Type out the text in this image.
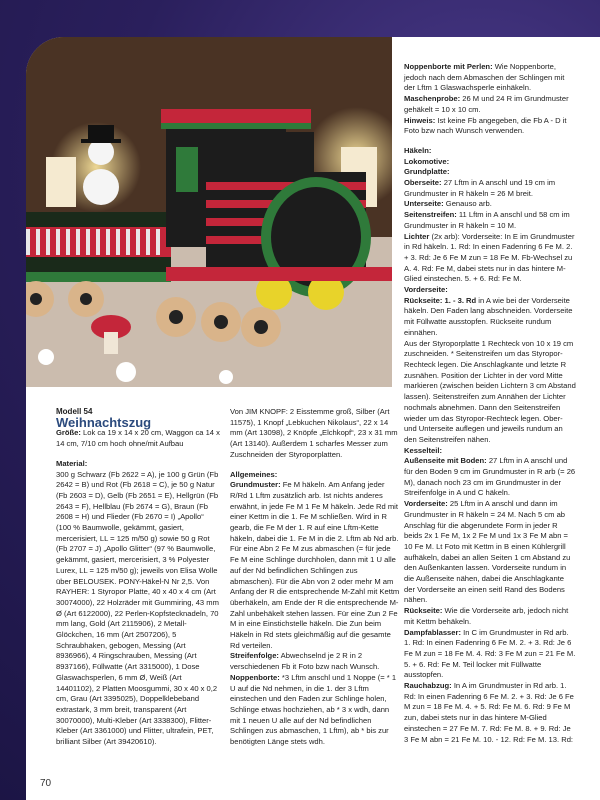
Modell 54

Weihnachtszug

Größe: Lok ca 19 x 14 x 20 cm, Waggon ca 14 x 14 cm, 7/10 cm hoch ohne/mit Aufbau

Material:

300 g Schwarz (Fb 2622 = A), je 100 g Grün (Fb 2642 = B) und Rot (Fb 2618 = C), je 50 g Natur (Fb 2603 = D), Gelb (Fb 2651 = E), Hellgrün (Fb 2643 = F), Hellblau (Fb 2674 = G), Braun (Fb 2608 = H) und Flieder (Fb 2670 = I) „Apollo“ (100 % Baumwolle, gekämmt, gasiert, mercerisiert, LL = 125 m/50 g) sowie 50 g Rot (Fb 2707 = J) „Apollo Glitter“ (97 % Baumwolle, gekämmt, gasiert, mercerisiert, 3 % Polyester Lurex, LL = 125 m/50 g); jeweils von Elisa Wolle über BELOUSEK. PONY-Häkel-N Nr 2,5. Von RAYHER: 1 Styropor Platte, 40 x 40 x 4 cm (Art 30074000), 22 Holzräder mit Gummiring, 43 mm Ø (Art 6122000), 22 Perlen-Kopfstecknadeln, 70 mm lang, Gold (Art 2115906), 2 Metall-Glöckchen, 16 mm (Art 2507206), 5 Schraubhaken, gebogen, Messing (Art 8936966), 4 Ringschrauben, Messing (Art 8937166), Füllwatte (Art 3315000), 1 Dose Glaswachsperlen, 6 mm Ø, Weiß (Art 14401102), 2 Platten Moosgummi, 30 x 40 x 0,2 cm, Grau (Art 3395025), Doppelklebeband extrastark, 3 mm breit, transparent (Art 30070000), Multi-Kleber (Art 3338300), Flitter-Kleber (Art 3361000) und Flitter, ultrafein, PET, brilliant Silber (Art 39420610).

Von JIM KNOPF: 2 Eisstemme groß, Silber (Art 11575), 1 Knopf „Lebkuchen Nikolaus“, 22 x 14 mm (Art 13098), 2 Knöpfe „Elchkopf“, 23 x 31 mm (Art 13140). Außerdem 1 scharfes Messer zum Zuschneiden der Styroporplatten.

Allgemeines:

Grundmuster: Fe M häkeln. Am Anfang jeder R/Rd 1 Lftm zusätzlich arb. Ist nichts anderes erwähnt, in jede Fe M 1 Fe M häkeln. Jede Rd mit einer Kettm in die 1. Fe M schließen. Wird in R gearb, die Fe M der 1. R auf eine Lftm-Kette häkeln, dabei die 1. Fe M in die 2. Lftm ab Nd arb. Für eine Abn 2 Fe M zus abmaschen (= für jede Fe M eine Schlinge durchholen, dann mit 1 U alle auf der Nd befindlichen Schlingen zus abmaschen). Für die Abn von 2 oder mehr M am Anfang der R die entsprechende M-Zahl mit Kettm überhäkeln, am Ende der R die entsprechende M-Zahl unbehäkelt stehen lassen. Für eine Zun 2 Fe M in eine Einstichstelle häkeln. Die Zun beim Häkeln in Rd stets gleichmäßig auf die gesamte Rd verteilen.

Streifenfolge: Abwechselnd je 2 R in 2 verschiedenen Fb it Foto bzw nach Wunsch.

Noppenborte: *3 Lftm anschl und 1 Noppe (= * 1 U auf die Nd nehmen, in die 1. der 3 Lftm einstechen und den Faden zur Schlinge holen, Schlinge etwas hochziehen, ab * 3 x wdh, dann mit 1 neuen U alle auf der Nd befindlichen Schlingen zus abmaschen, 1 Lftm), ab * bis zur benötigten Länge stets wdh.

Noppenborte mit Perlen: Wie Noppenborte, jedoch nach dem Abmaschen der Schlingen mit der Lftm 1 Glaswachsperle einhäkeln.

Maschenprobe: 26 M und 24 R im Grundmuster gehäkelt = 10 x 10 cm.

Hinweis: Ist keine Fb angegeben, die Fb A - D it Foto bzw nach Wunsch verwenden.

Häkeln:

Lokomotive:

Grundplatte:

Oberseite: 27 Lftm in A anschl und 19 cm im Grundmuster in R häkeln = 26 M breit.

Unterseite: Genauso arb.

Seitenstreifen: 11 Lftm in A anschl und 58 cm im Grundmuster in R häkeln = 10 M.

Lichter (2x arb): Vorderseite: In E im Grundmuster in Rd häkeln. 1. Rd: In einen Fadenring 6 Fe M. 2. + 3. Rd: Je 6 Fe M zun = 18 Fe M. Fb-Wechsel zu A. 4. Rd: Fe M, dabei stets nur in das hintere M-Glied einstechen. 5. + 6. Rd: Fe M.

Vorderseite:

Rückseite: 1. - 3. Rd in A wie bei der Vorderseite häkeln. Den Faden lang abschneiden. Vorderseite mit Füllwatte ausstopfen. Rückseite rundum einnähen.

Aus der Styroporplatte 1 Rechteck von 10 x 19 cm zuschneiden. * Seitenstreifen um das Styropor-Rechteck legen. Die Anschlagkante und letzte R zusnähen. Position der Lichter in der vord Mitte markieren (zwischen beiden Lichtern 3 cm Abstand lassen). Seitenstreifen zum Annähen der Lichter nochmals abnehmen. Dann den Seitenstreifen wieder um das Styropor-Rechteck legen. Ober- und Unterseite auflegen und jeweils rundum an den Seitenstreifen nähen.

Kesselteil:

Außenseite mit Boden: 27 Lftm in A anschl und für den Boden 9 cm im Grundmuster in R arb (= 26 M), danach noch 23 cm im Grundmuster in der Streifenfolge in A und C häkeln.

Vorderseite: 25 Lftm in A anschl und dann im Grundmuster in R häkeln = 24 M. Nach 5 cm ab Anschlag für die abgerundete Form in jeder R beids 2x 1 Fe M, 1x 2 Fe M und 1x 3 Fe M abn = 10 Fe M. Lt Foto mit Kettm in B einen Kühlergrill aufhäkeln, dabei an allen Seiten 1 cm Abstand zu den Außenkanten lassen. Vorderseite rundum in die Außenseite nähen, dabei die Anschlagkante der Vorderseite an einen seitl Rand des Bodens nähen.

Rückseite: Wie die Vorderseite arb, jedoch nicht mit Kettm behäkeln.

Dampfablasser: In C im Grundmuster in Rd arb. 1. Rd: In einen Fadenring 6 Fe M. 2. + 3. Rd: Je 6 Fe M zun = 18 Fe M. 4. Rd: 3 Fe M zun = 21 Fe M. 5. + 6. Rd: Fe M. Teil locker mit Füllwatte ausstopfen.

Rauchabzug: In A im Grundmuster in Rd arb. 1. Rd: In einen Fadenring 6 Fe M. 2. + 3. Rd: Je 6 Fe M zun = 18 Fe M. 4. + 5. Rd: Fe M. 6. Rd: 9 Fe M zun, dabei stets nur in das hintere M-Glied einstechen = 27 Fe M. 7. Rd: Fe M. 8. + 9. Rd: Je 3 Fe M abn = 21 Fe M. 10. - 12. Rd: Fe M. 13. Rd:

70	PassionForum.ru
